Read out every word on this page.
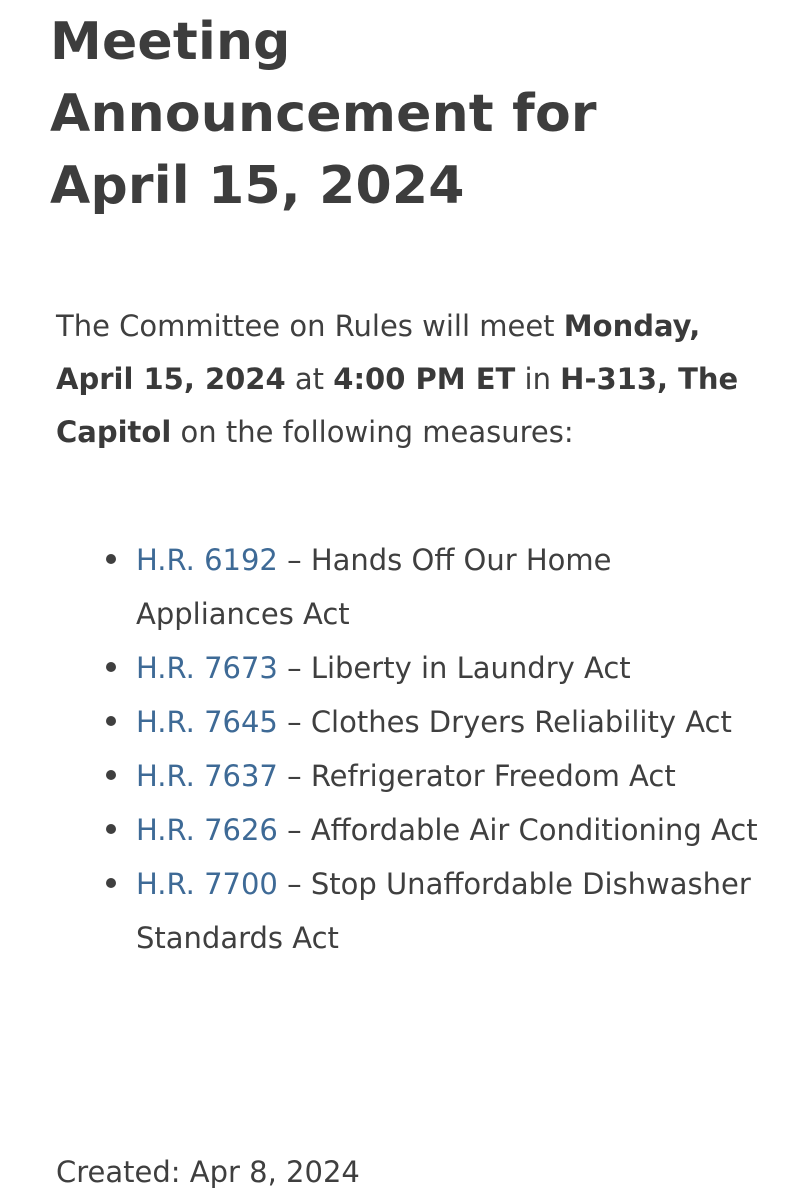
Meeting
Announcement for
April 15, 2024

The Committee on Rules will meet Monday, April 15, 2024 at 4:00 PM ET in H-313, The Capitol on the following measures:

H.R. 6192 – Hands Off Our Home Appliances Act
H.R. 7673 – Liberty in Laundry Act
H.R. 7645 – Clothes Dryers Reliability Act
H.R. 7637 – Refrigerator Freedom Act
H.R. 7626 – Affordable Air Conditioning Act
H.R. 7700 – Stop Unaffordable Dishwasher Standards Act

Created: Apr 8, 2024
